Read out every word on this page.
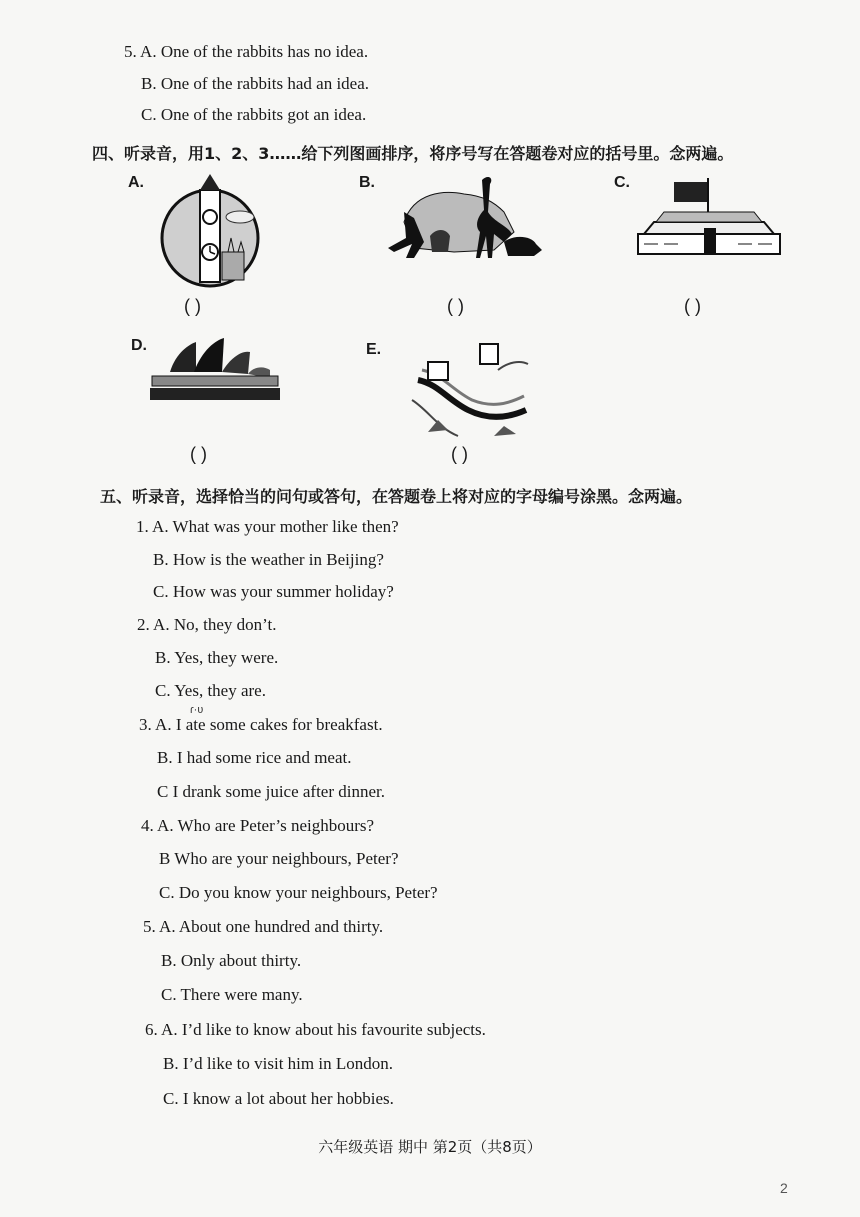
5. A. One of the rabbits has no idea.
B. One of the rabbits had an idea.
C. One of the rabbits got an idea.
四、听录音，用1、2、3……给下列图画排序，将序号写在答题卷对应的括号里。念两遍。
A.
( )
B.
( )
C.
( )
D.
( )
E.
( )
五、听录音，选择恰当的问句或答句，在答题卷上将对应的字母编号涂黑。念两遍。
1. A. What was your mother like then?
B. How is the weather in Beijing?
C. How was your summer holiday?
2. A. No, they don’t.
B. Yes, they were.
C. Yes, they are.
ɾ·ʋ
3. A. I ate some cakes for breakfast.
B. I had some rice and meat.
C I drank some juice after dinner.
4. A. Who are Peter’s neighbours?
B Who are your neighbours, Peter?
C. Do you know your neighbours, Peter?
5. A. About one hundred and thirty.
B. Only about thirty.
C. There were many.
6. A. I’d like to know about his favourite subjects.
B. I’d like to visit him in London.
C. I know a lot about her hobbies.
六年级英语 期中 第2页（共8页）
2
